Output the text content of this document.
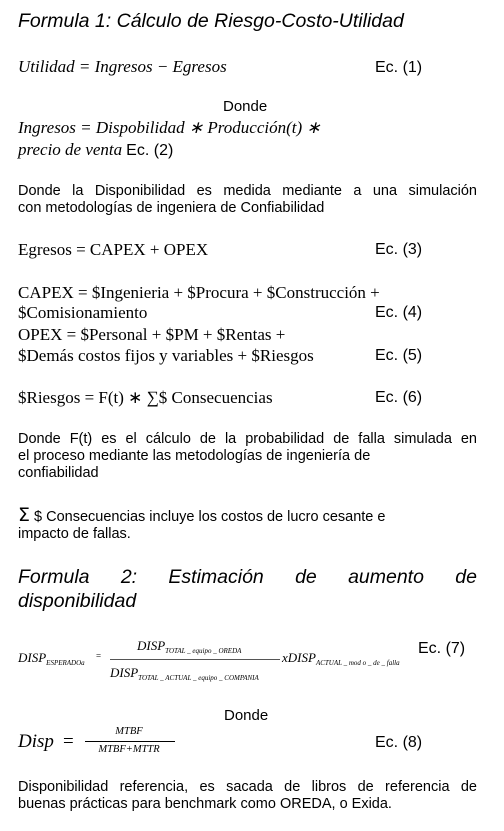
Formula 1: Cálculo de Riesgo-Costo-Utilidad
Utilidad = Ingresos − Egresos	Ec. (1)
Donde
Ingresos = Dispobilidad ∗ Producción(t) ∗
precio de venta Ec. (2)
Donde la Disponibilidad es medida mediante a una simulación
con metodologías de ingeniera de Confiabilidad
Egresos = CAPEX + OPEX	Ec. (3)
CAPEX = $Ingenieria + $Procura + $Construcción +
$Comisionamiento	Ec. (4)
OPEX = $Personal + $PM + $Rentas +
$Demás costos fijos y variables + $Riesgos	Ec. (5)
$Riesgos = F(t) ∗ ∑$ Consecuencias	Ec. (6)
Donde F(t) es el cálculo de la probabilidad de falla simulada en
el proceso mediante las metodologías de ingeniería de
confiabilidad
Σ $ Consecuencias incluye los costos de lucro cesante e
impacto de fallas.
Formula 2: Estimación de aumento de
disponibilidad
$DISP_{ESPERADOa}$
=
$DISP_{TOTAL \_ equipo \_ OREDA}$
$DISP_{TOTAL \_ ACTUAL \_ equipo \_ COMPANIA}$
xDISP$_{ACTUAL \_ mod o \_ de \_ falla}$
Ec. (7)
Donde
Disp =	MTBF
MTBF+MTTR	Ec. (8)
Disponibilidad referencia, es sacada de libros de referencia de
buenas prácticas para benchmark como OREDA, o Exida.
